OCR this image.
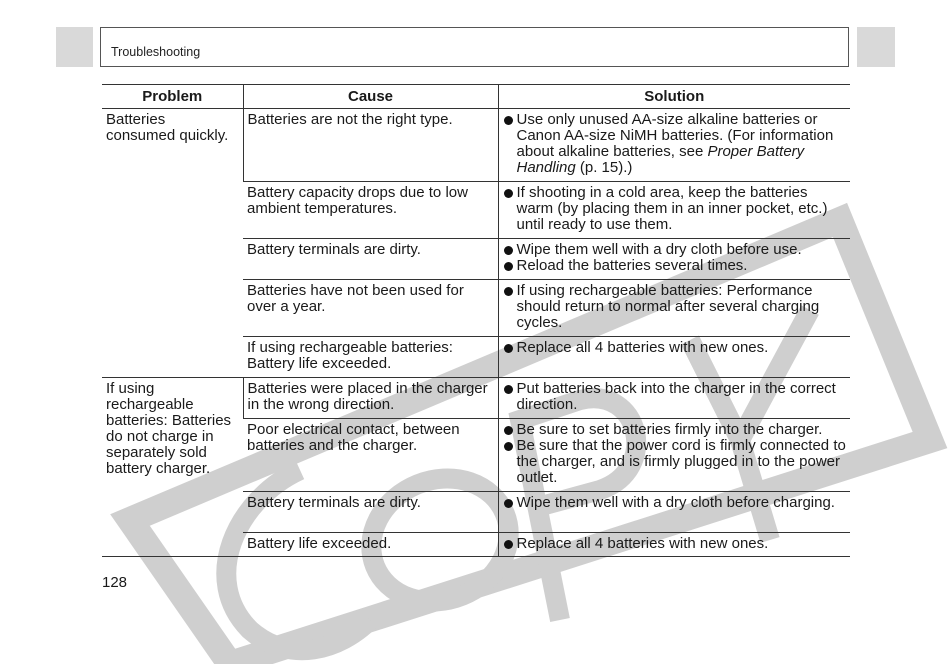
Troubleshooting
Problem	Cause	Solution
Batteries consumed quickly.	Batteries are not the right type.	Use only unused AA-size alkaline batteries or Canon AA-size NiMH batteries. (For information about alkaline batteries, see Proper Battery Handling (p. 15).)

	Battery capacity drops due to low ambient temperatures.	If shooting in a cold area, keep the batteries warm (by placing them in an inner pocket, etc.) until ready to use them.

	Battery terminals are dirty.	Wipe them well with a dry cloth before use.
Reload the batteries several times.

	Batteries have not been used for over a year.	If using rechargeable batteries: Performance should return to normal after several charging cycles.

	If using rechargeable batteries: Battery life exceeded.	Replace all 4 batteries with new ones.

If using rechargeable batteries: Batteries do not charge in separately sold battery charger.	Batteries were placed in the charger in the wrong direction.	Put batteries back into the charger in the correct direction.

	Poor electrical contact, between batteries and the charger.	Be sure to set batteries firmly into the charger.
Be sure that the power cord is firmly connected to the charger, and is firmly plugged in to the power outlet.

	Battery terminals are dirty.	Wipe them well with a dry cloth before charging.

	Battery life exceeded.	Replace all 4 batteries with new ones.
128
